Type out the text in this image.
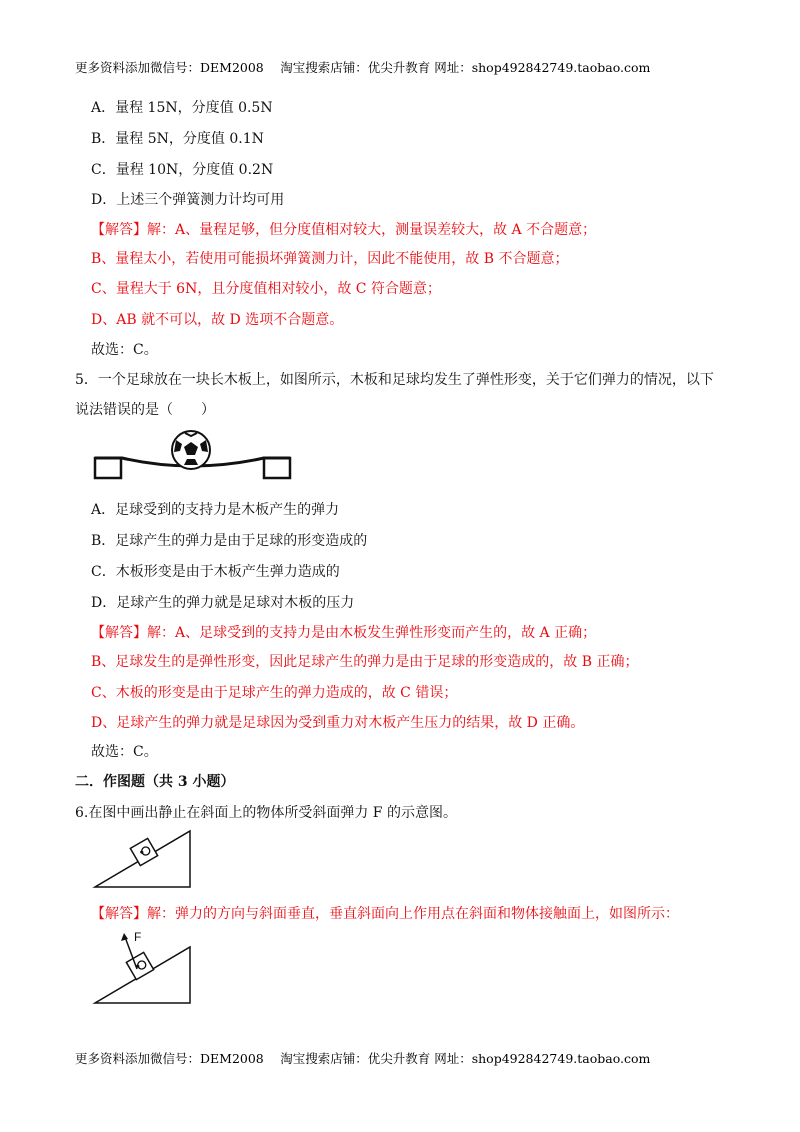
更多资料添加微信号：DEM2008　 淘宝搜索店铺：优尖升教育 网址：shop492842749.taobao.com
A．量程 15N，分度值 0.5N
B．量程 5N，分度值 0.1N
C．量程 10N，分度值 0.2N
D．上述三个弹簧测力计均可用
【解答】解：A、量程足够，但分度值相对较大，测量误差较大，故 A 不合题意；
B、量程太小，若使用可能损坏弹簧测力计，因此不能使用，故 B 不合题意；
C、量程大于 6N，且分度值相对较小，故 C 符合题意；
D、AB 就不可以，故 D 选项不合题意。
故选：C。
5．一个足球放在一块长木板上，如图所示，木板和足球均发生了弹性形变，关于它们弹力的情况，以下
说法错误的是（　　）
A．足球受到的支持力是木板产生的弹力
B．足球产生的弹力是由于足球的形变造成的
C．木板形变是由于木板产生弹力造成的
D．足球产生的弹力就是足球对木板的压力
【解答】解：A、足球受到的支持力是由木板发生弹性形变而产生的，故 A 正确；
B、足球发生的是弹性形变，因此足球产生的弹力是由于足球的形变造成的，故 B 正确；
C、木板的形变是由于足球产生的弹力造成的，故 C 错误；
D、足球产生的弹力就是足球因为受到重力对木板产生压力的结果，故 D 正确。
故选：C。
二．作图题（共 3 小题）
6.在图中画出静止在斜面上的物体所受斜面弹力 F 的示意图。
【解答】解：弹力的方向与斜面垂直，垂直斜面向上作用点在斜面和物体接触面上，如图所示：
F
更多资料添加微信号：DEM2008　 淘宝搜索店铺：优尖升教育 网址：shop492842749.taobao.com
